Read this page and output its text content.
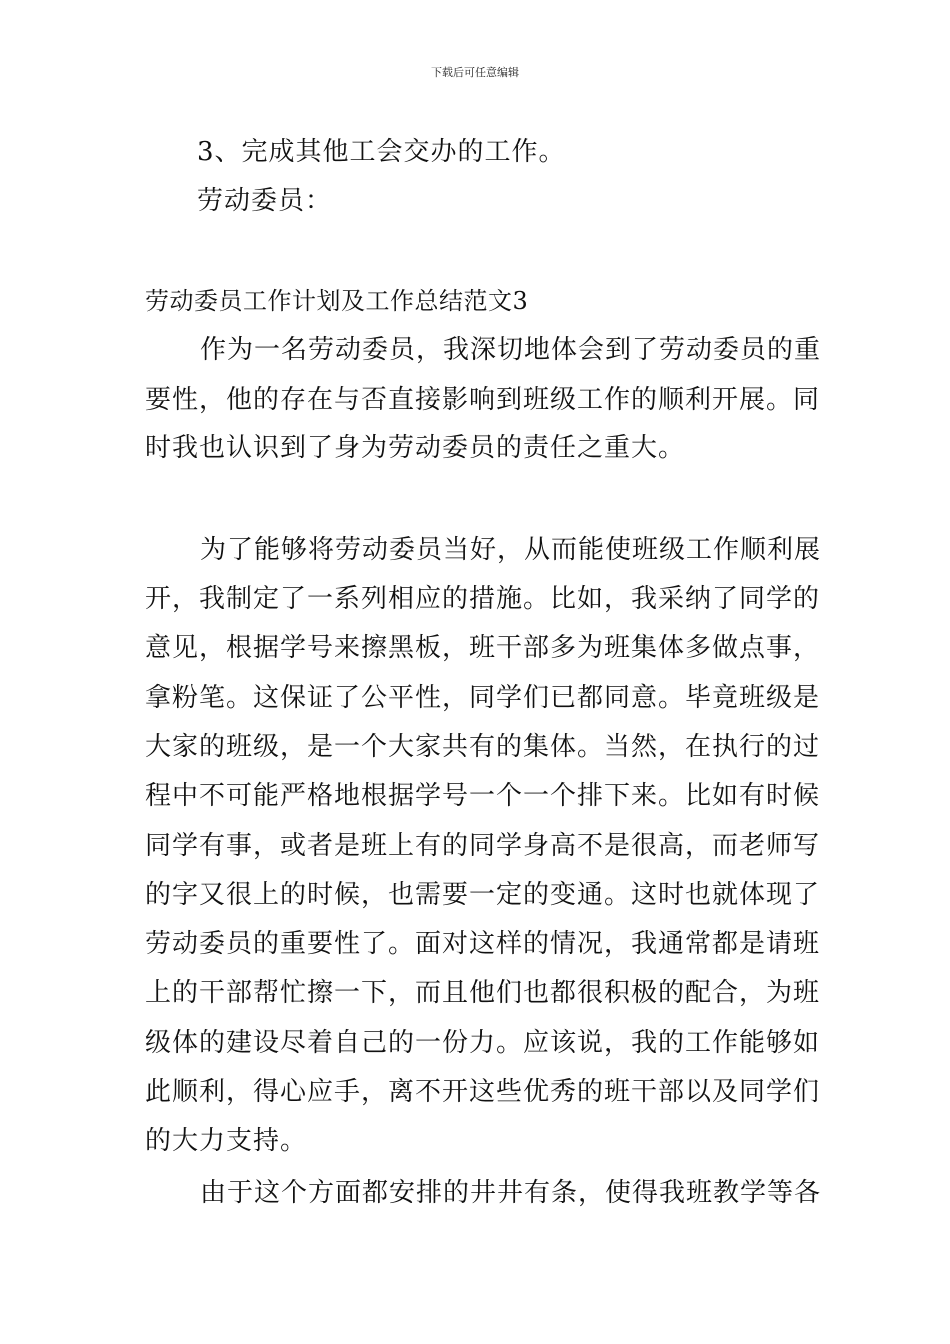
下载后可任意编辑
3、完成其他工会交办的工作。
劳动委员：
劳动委员工作计划及工作总结范文3
作为一名劳动委员，我深切地体会到了劳动委员的重
要性，他的存在与否直接影响到班级工作的顺利开展。同
时我也认识到了身为劳动委员的责任之重大。
为了能够将劳动委员当好，从而能使班级工作顺利展
开，我制定了一系列相应的措施。比如，我采纳了同学的
意见，根据学号来擦黑板，班干部多为班集体多做点事，
拿粉笔。这保证了公平性，同学们已都同意。毕竟班级是
大家的班级，是一个大家共有的集体。当然，在执行的过
程中不可能严格地根据学号一个一个排下来。比如有时候
同学有事，或者是班上有的同学身高不是很高，而老师写
的字又很上的时候，也需要一定的变通。这时也就体现了
劳动委员的重要性了。面对这样的情况，我通常都是请班
上的干部帮忙擦一下，而且他们也都很积极的配合，为班
级体的建设尽着自己的一份力。应该说，我的工作能够如
此顺利，得心应手，离不开这些优秀的班干部以及同学们
的大力支持。
由于这个方面都安排的井井有条，使得我班教学等各
